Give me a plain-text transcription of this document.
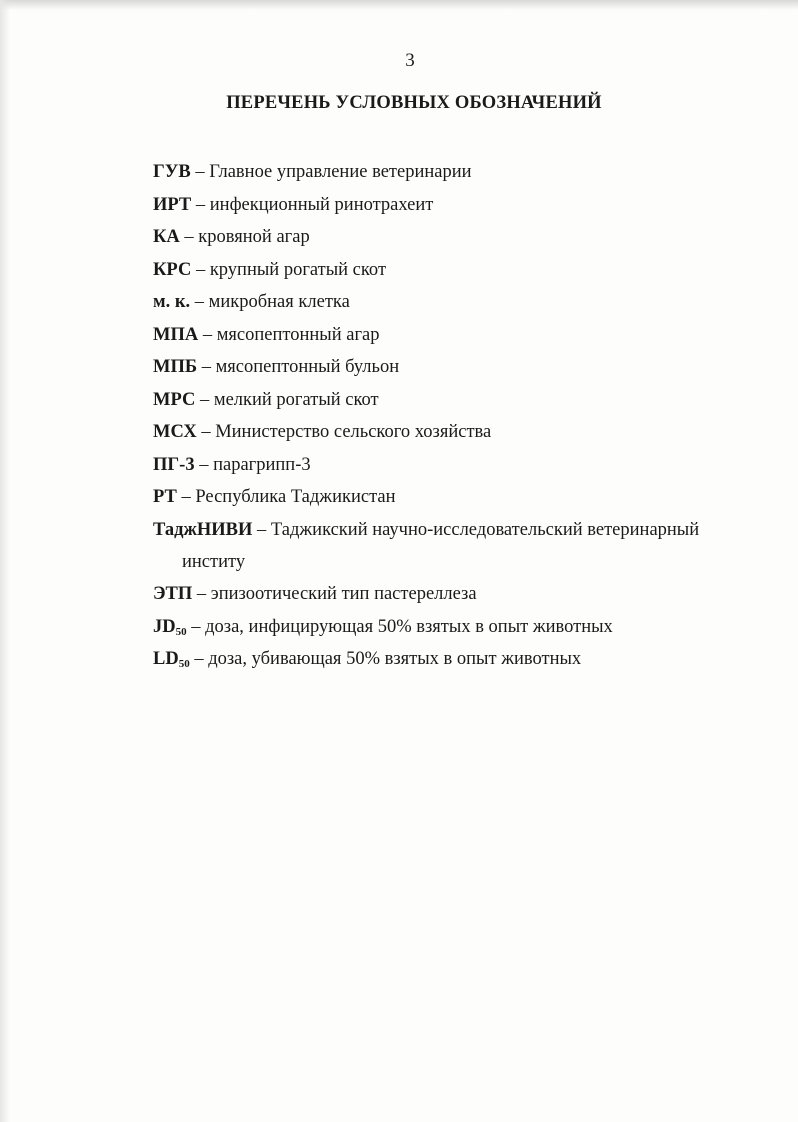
3
ПЕРЕЧЕНЬ УСЛОВНЫХ ОБОЗНАЧЕНИЙ
ГУВ – Главное управление ветеринарии
ИРТ – инфекционный ринотрахеит
КА – кровяной агар
КРС – крупный рогатый скот
м. к. – микробная клетка
МПА – мясопептонный агар
МПБ – мясопептонный бульон
МРС – мелкий рогатый скот
МСХ – Министерство сельского хозяйства
ПГ-3 – парагрипп-3
РТ – Республика Таджикистан
ТаджНИВИ – Таджикский научно-исследовательский ветеринарный
институ
ЭТП – эпизоотический тип пастереллеза
$JD_{50}$ – доза, инфицирующая 50% взятых в опыт животных
$LD_{50}$ – доза, убивающая 50% взятых в опыт животных
